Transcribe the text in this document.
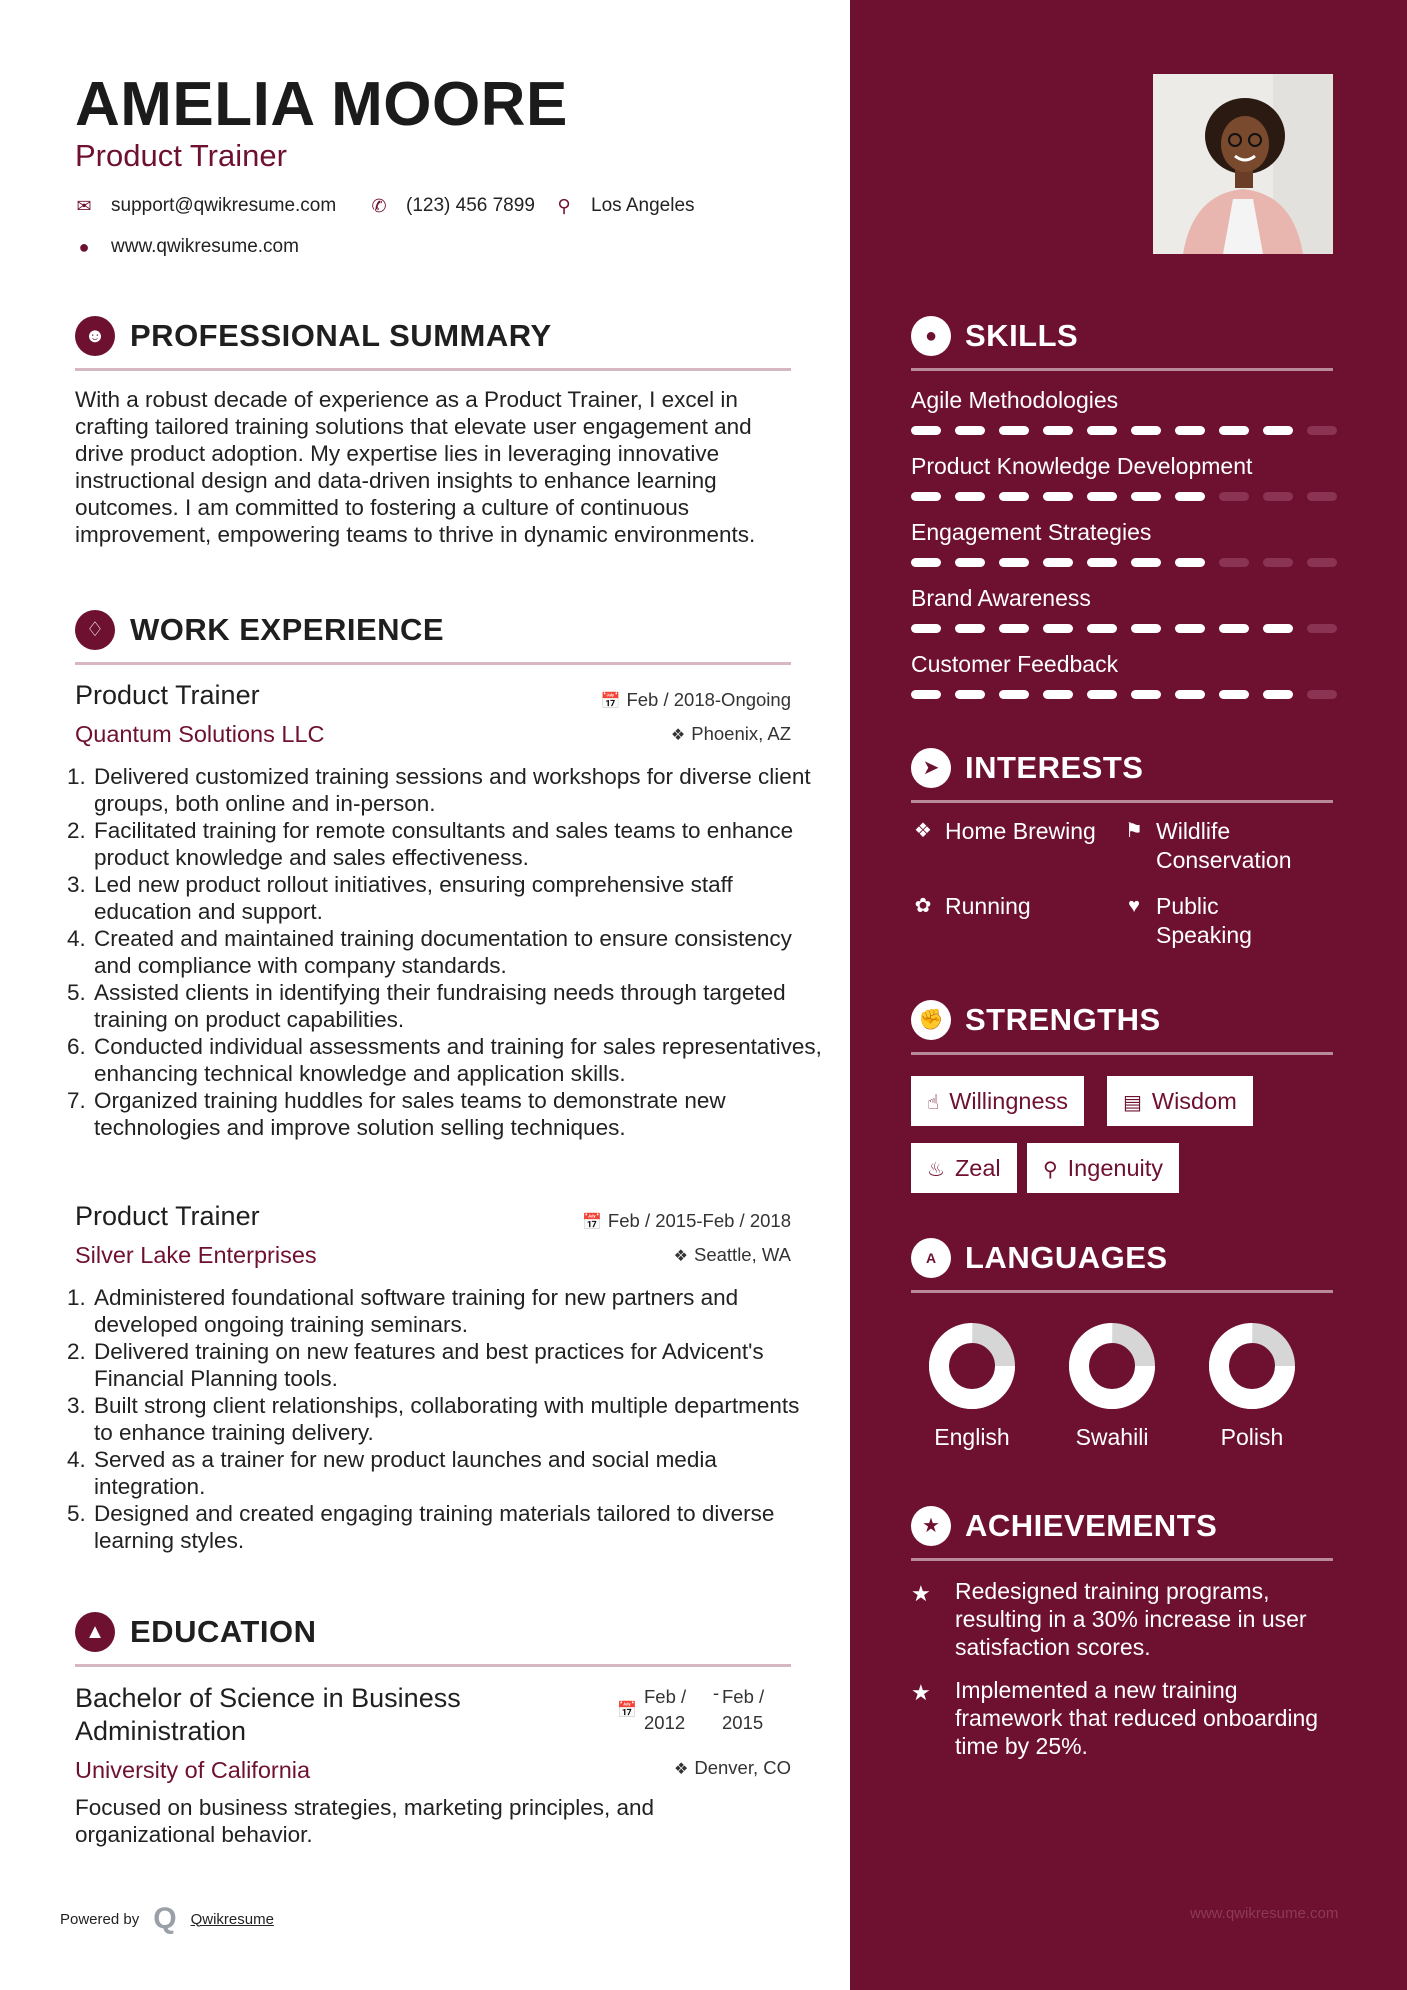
AMELIA MOORE
Product Trainer
✉ support@qwikresume.com ✆ (123) 456 7899 ⚲ Los Angeles
● www.qwikresume.com
☻ PROFESSIONAL SUMMARY

With a robust decade of experience as a Product Trainer, I excel in crafting tailored training solutions that elevate user engagement and drive product adoption. My expertise lies in leveraging innovative instructional design and data-driven insights to enhance learning outcomes. I am committed to fostering a culture of continuous improvement, empowering teams to thrive in dynamic environments.

♢ WORK EXPERIENCE
Product Trainer	📅 Feb / 2018-Ongoing
Quantum Solutions LLC	❖ Phoenix, AZ
1. Delivered customized training sessions and workshops for diverse client groups, both online and in-person.
2. Facilitated training for remote consultants and sales teams to enhance product knowledge and sales effectiveness.
3. Led new product rollout initiatives, ensuring comprehensive staff education and support.
4. Created and maintained training documentation to ensure consistency and compliance with company standards.
5. Assisted clients in identifying their fundraising needs through targeted training on product capabilities.
6. Conducted individual assessments and training for sales representatives, enhancing technical knowledge and application skills.
7. Organized training huddles for sales teams to demonstrate new technologies and improve solution selling techniques.
Product Trainer	📅 Feb / 2015-Feb / 2018
Silver Lake Enterprises	❖ Seattle, WA
1. Administered foundational software training for new partners and developed ongoing training seminars.
2. Delivered training on new features and best practices for Advicent's Financial Planning tools.
3. Built strong client relationships, collaborating with multiple departments to enhance training delivery.
4. Served as a trainer for new product launches and social media integration.
5. Designed and created engaging training materials tailored to diverse learning styles.
▲ EDUCATION
Bachelor of Science in Business Administration
📅
Feb /
2012
- Feb /
2015
University of California	❖ Denver, CO

Focused on business strategies, marketing principles, and organizational behavior.

Powered by Q Qwikresume
● SKILLS
Agile Methodologies
Product Knowledge Development
Engagement Strategies
Brand Awareness
Customer Feedback
➤ INTERESTS
❖ Home Brewing ⚑ Wildlife Conservation
✿ Running	♥ Public Speaking
✊ STRENGTHS
☝ Willingness	▤ Wisdom
♨ Zeal	⚲ Ingenuity
A LANGUAGES
English	Swahili	Polish
★ ACHIEVEMENTS
★	Redesigned training programs, resulting in a 30% increase in user satisfaction scores.
★	Implemented a new training framework that reduced onboarding time by 25%.
www.qwikresume.com
